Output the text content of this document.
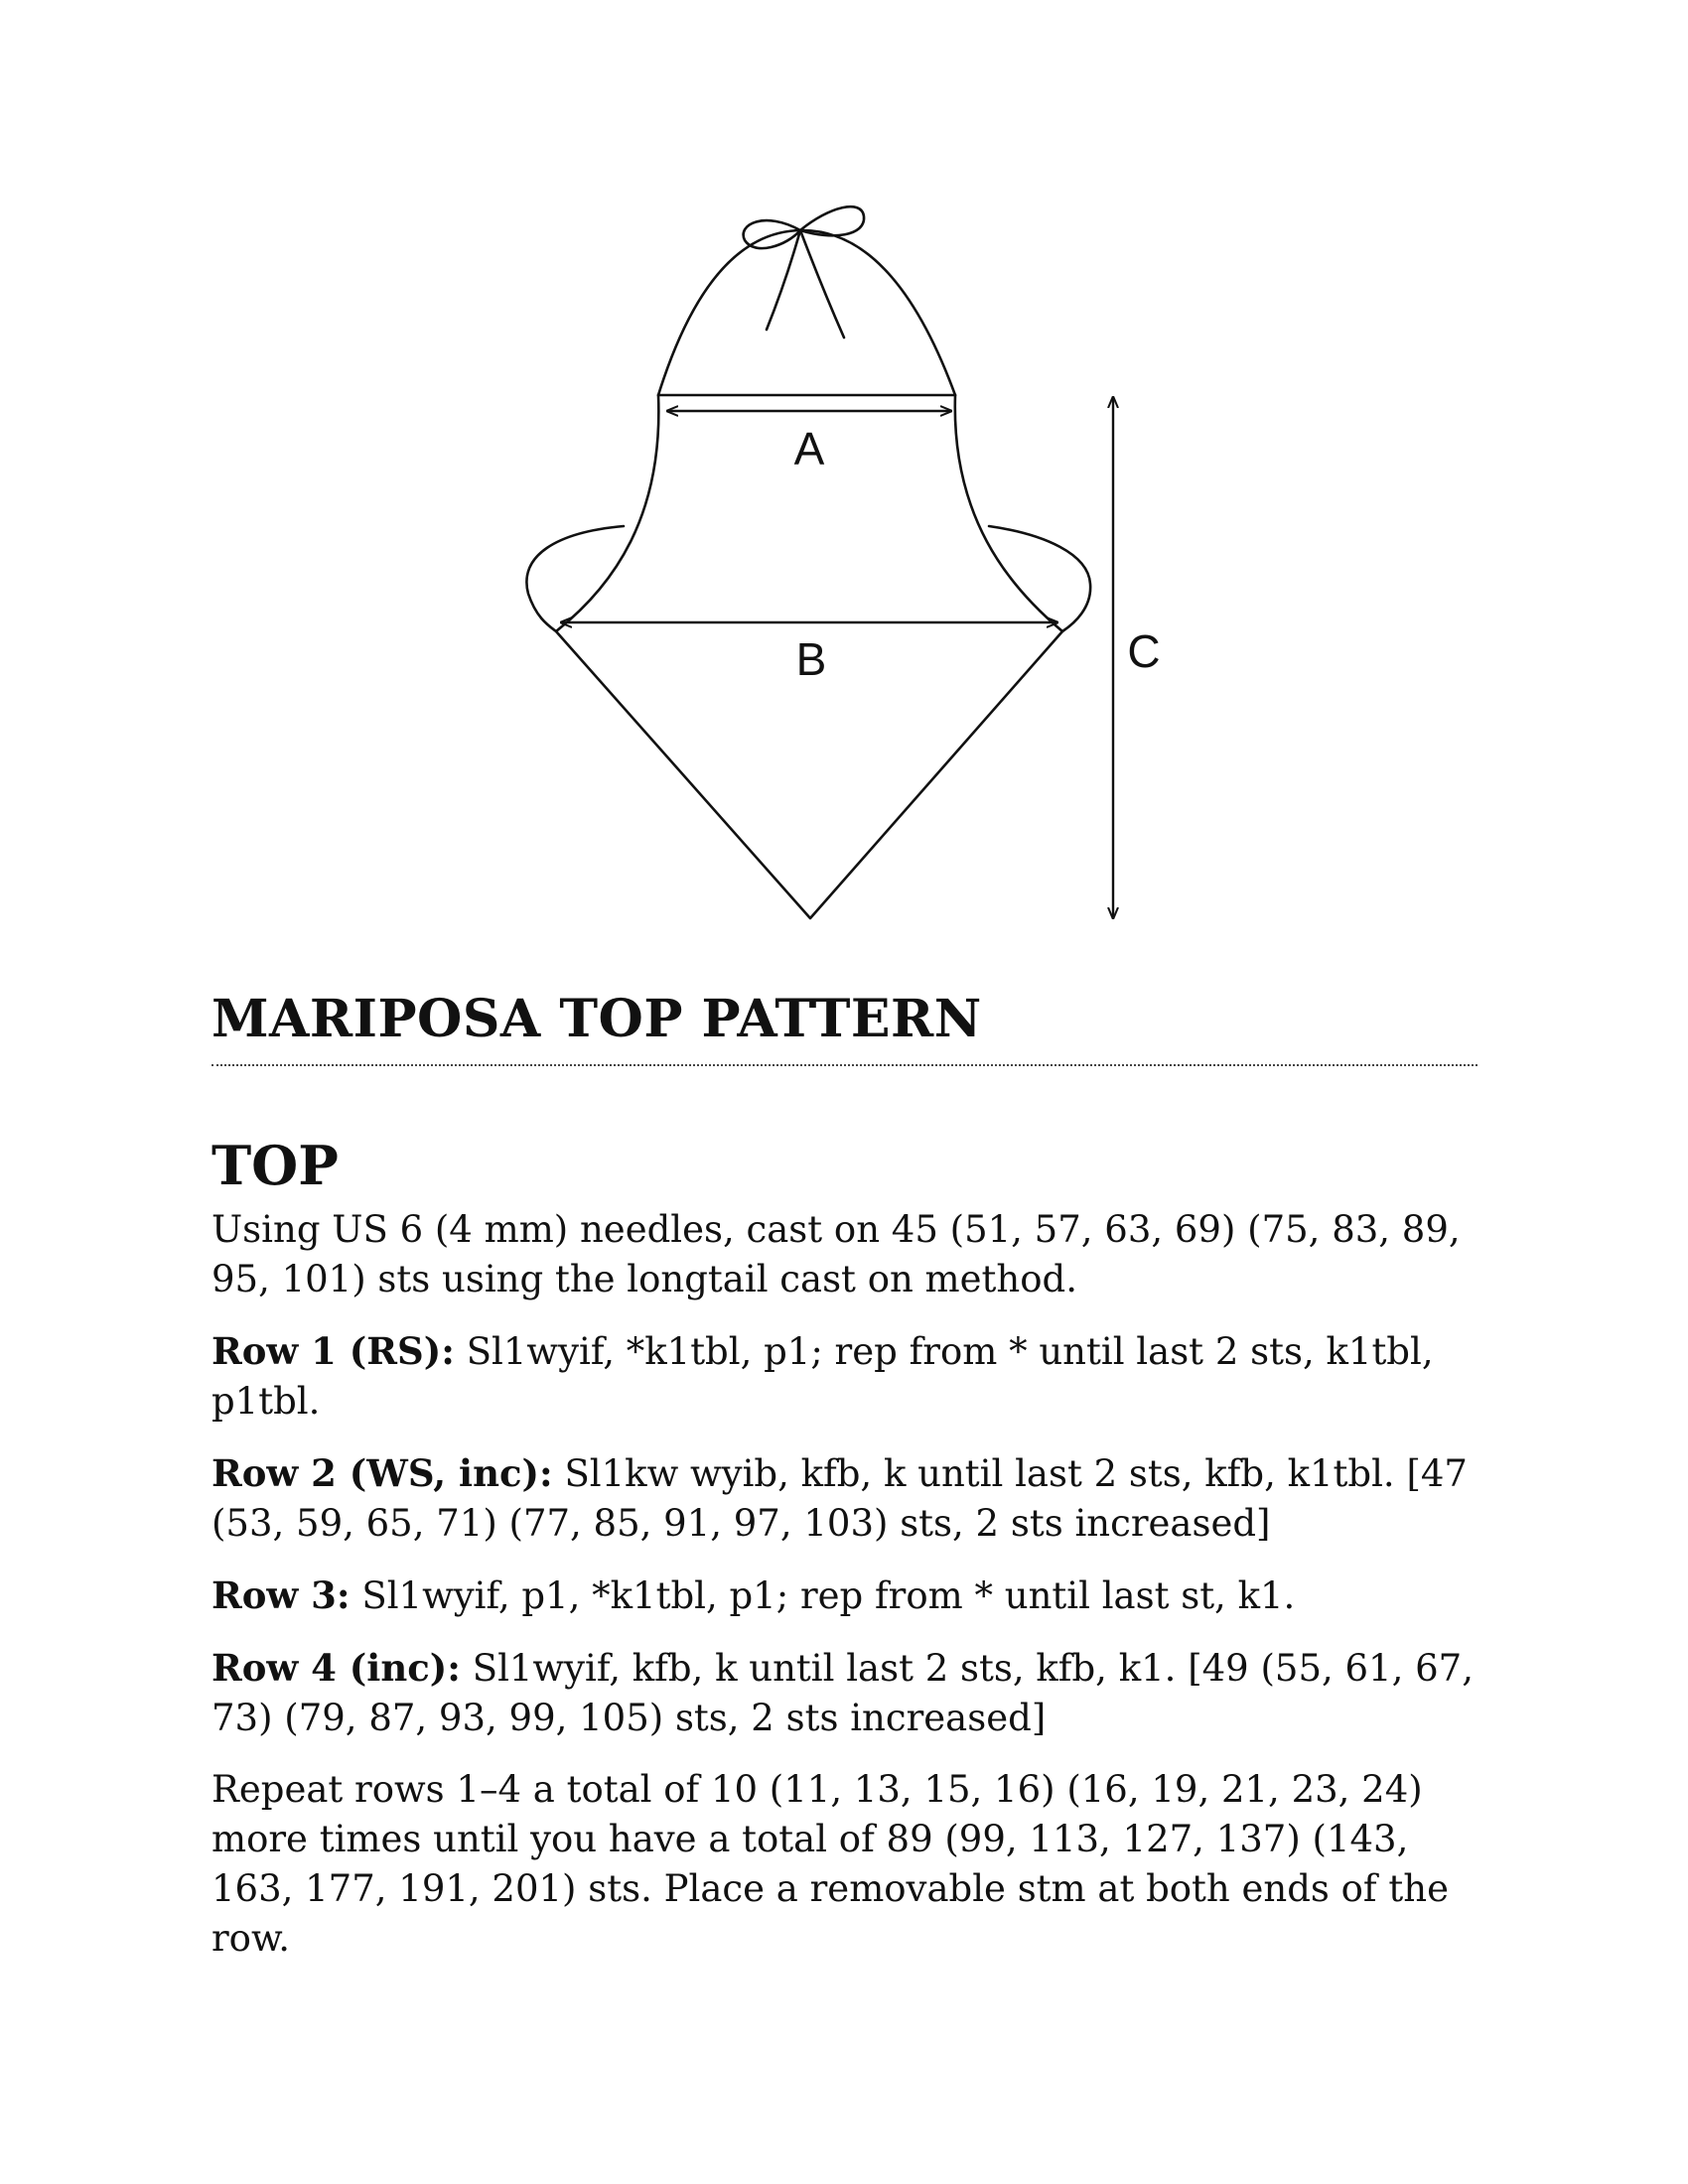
A
B	C
MARIPOSA TOP PATTERN
TOP

Using US 6 (4 mm) needles, cast on 45 (51, 57, 63, 69) (75, 83, 89, 95, 101) sts using the longtail cast on method.

Row 1 (RS): Sl1wyif, *k1tbl, p1; rep from * until last 2 sts, k1tbl, p1tbl.

Row 2 (WS, inc): Sl1kw wyib, kfb, k until last 2 sts, kfb, k1tbl. [47 (53, 59, 65, 71) (77, 85, 91, 97, 103) sts, 2 sts increased]

Row 3: Sl1wyif, p1, *k1tbl, p1; rep from * until last st, k1.

Row 4 (inc): Sl1wyif, kfb, k until last 2 sts, kfb, k1. [49 (55, 61, 67, 73) (79, 87, 93, 99, 105) sts, 2 sts increased]

Repeat rows 1–4 a total of 10 (11, 13, 15, 16) (16, 19, 21, 23, 24) more times until you have a total of 89 (99, 113, 127, 137) (143, 163, 177, 191, 201) sts. Place a removable stm at both ends of the row.
